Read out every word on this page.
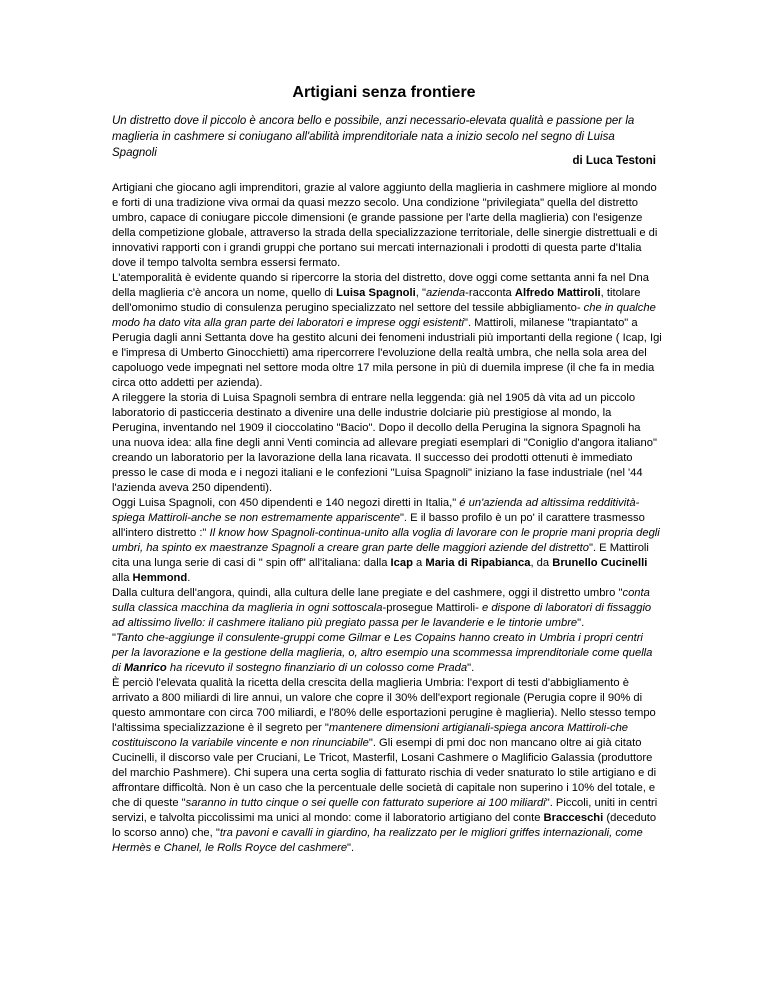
Artigiani senza frontiere
Un distretto dove il piccolo è ancora bello e possibile, anzi necessario-elevata qualità e passione per la maglieria in cashmere si coniugano all'abilità imprenditoriale nata a inizio secolo nel segno di Luisa Spagnoli
di Luca Testoni

Artigiani che giocano agli imprenditori, grazie al valore aggiunto della maglieria in cashmere migliore al mondo e forti di una tradizione viva ormai da quasi mezzo secolo. Una condizione "privilegiata" quella del distretto umbro, capace di coniugare piccole dimensioni (e grande passione per l'arte della maglieria) con l'esigenze della competizione globale, attraverso la strada della specializzazione territoriale, delle sinergie distrettuali e di innovativi rapporti con i grandi gruppi che portano sui mercati internazionali i prodotti di questa parte d'Italia dove il tempo talvolta sembra essersi fermato.

L'atemporalità è evidente quando si ripercorre la storia del distretto, dove oggi come settanta anni fa nel Dna della maglieria c'è ancora un nome, quello di Luisa Spagnoli, "azienda-racconta Alfredo Mattiroli, titolare dell'omonimo studio di consulenza perugino specializzato nel settore del tessile abbigliamento- che in qualche modo ha dato vita alla gran parte dei laboratori e imprese oggi esistenti". Mattiroli, milanese "trapiantato" a Perugia dagli anni Settanta dove ha gestito alcuni dei fenomeni industriali più importanti della regione ( Icap, Igi e l'impresa di Umberto Ginocchietti) ama ripercorrere l'evoluzione della realtà umbra, che nella sola area del capoluogo vede impegnati nel settore moda oltre 17 mila persone in più di duemila imprese (il che fa in media circa otto addetti per azienda).

A rileggere la storia di Luisa Spagnoli sembra di entrare nella leggenda: già nel 1905 dà vita ad un piccolo laboratorio di pasticceria destinato a divenire una delle industrie dolciarie più prestigiose al mondo, la Perugina, inventando nel 1909 il cioccolatino "Bacio". Dopo il decollo della Perugina la signora Spagnoli ha una nuova idea: alla fine degli anni Venti comincia ad allevare pregiati esemplari di "Coniglio d'angora italiano" creando un laboratorio per la lavorazione della lana ricavata. Il successo dei prodotti ottenuti è immediato presso le case di moda e i negozi italiani e le confezioni "Luisa Spagnoli" iniziano la fase industriale (nel '44 l'azienda aveva 250 dipendenti).

Oggi Luisa Spagnoli, con 450 dipendenti e 140 negozi diretti in Italia," é un'azienda ad altissima redditività-spiega Mattiroli-anche se non estremamente appariscente". E il basso profilo è un po' il carattere trasmesso all'intero distretto :" Il know how Spagnoli-continua-unito alla voglia di lavorare con le proprie mani propria degli umbri, ha spinto ex maestranze Spagnoli a creare gran parte delle maggiori aziende del distretto". E Mattiroli cita una lunga serie di casi di " spin off" all'italiana: dalla Icap a Maria di Ripabianca, da Brunello Cucinelli alla Hemmond.

Dalla cultura dell'angora, quindi, alla cultura delle lane pregiate e del cashmere, oggi il distretto umbro "conta sulla classica macchina da maglieria in ogni sottoscala-prosegue Mattiroli- e dispone di laboratori di fissaggio ad altissimo livello: il cashmere italiano più pregiato passa per le lavanderie e le tintorie umbre".

"Tanto che-aggiunge il consulente-gruppi come Gilmar e Les Copains hanno creato in Umbria i propri centri per la lavorazione e la gestione della maglieria, o, altro esempio una scommessa imprenditoriale come quella di Manrico ha ricevuto il sostegno finanziario di un colosso come Prada".

È perciò l'elevata qualità la ricetta della crescita della maglieria Umbria: l'export di testi d'abbigliamento è arrivato a 800 miliardi di lire annui, un valore che copre il 30% dell'export regionale (Perugia copre il 90% di questo ammontare con circa 700 miliardi, e l'80% delle esportazioni perugine è maglieria). Nello stesso tempo l'altissima specializzazione è il segreto per "mantenere dimensioni artigianali-spiega ancora Mattiroli-che costituiscono la variabile vincente e non rinunciabile". Gli esempi di pmi doc non mancano oltre ai già citato Cucinelli, il discorso vale per Cruciani, Le Tricot, Masterfil, Losani Cashmere o Maglificio Galassia (produttore del marchio Pashmere). Chi supera una certa soglia di fatturato rischia di veder snaturato lo stile artigiano e di affrontare difficoltà. Non è un caso che la percentuale delle società di capitale non superino i 10% del totale, e che di queste "saranno in tutto cinque o sei quelle con fatturato superiore ai 100 miliardi". Piccoli, uniti in centri servizi, e talvolta piccolissimi ma unici al mondo: come il laboratorio artigiano del conte Bracceschi (deceduto lo scorso anno) che, "tra pavoni e cavalli in giardino, ha realizzato per le migliori griffes internazionali, come Hermès e Chanel, le Rolls Royce del cashmere".
